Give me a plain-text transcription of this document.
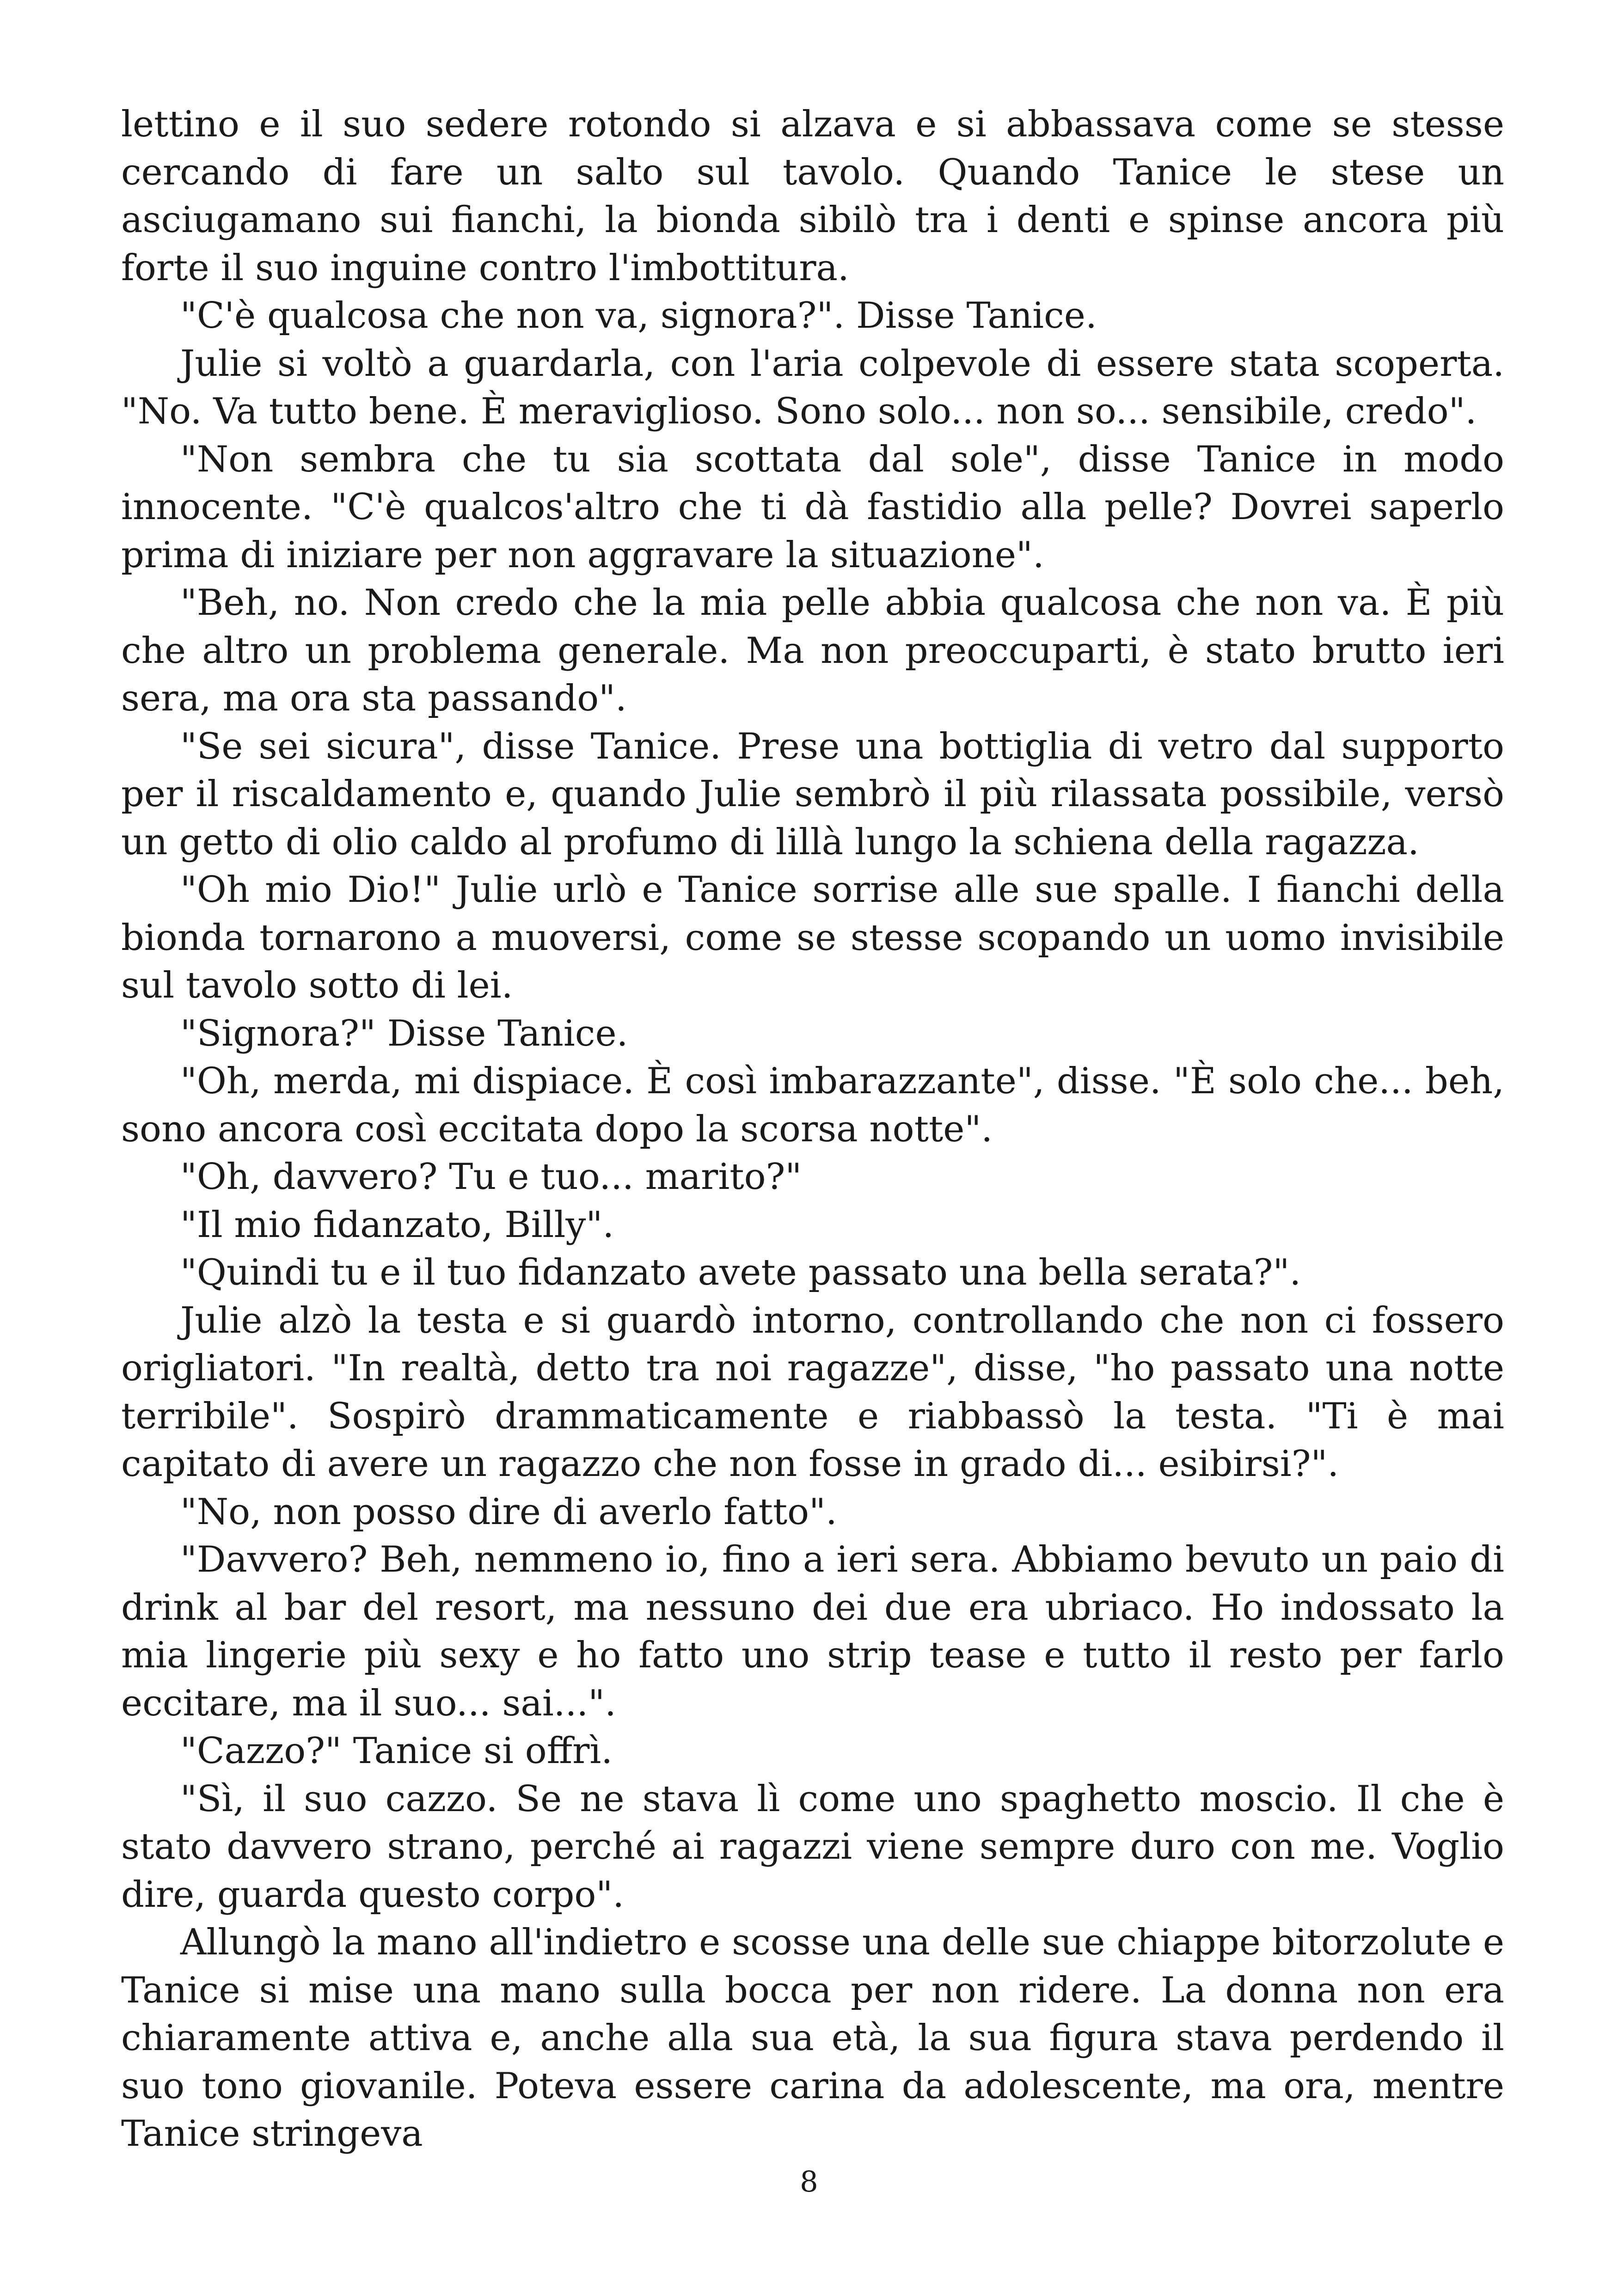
lettino e il suo sedere rotondo si alzava e si abbassava come se stesse cercando di fare un salto sul tavolo. Quando Tanice le stese un asciugamano sui fianchi, la bionda sibilò tra i denti e spinse ancora più forte il suo inguine contro l'imbottitura.

"C'è qualcosa che non va, signora?". Disse Tanice.

Julie si voltò a guardarla, con l'aria colpevole di essere stata scoperta. "No. Va tutto bene. È meraviglioso. Sono solo... non so... sensibile, credo".

"Non sembra che tu sia scottata dal sole", disse Tanice in modo innocente. "C'è qualcos'altro che ti dà fastidio alla pelle? Dovrei saperlo prima di iniziare per non aggravare la situazione".

"Beh, no. Non credo che la mia pelle abbia qualcosa che non va. È più che altro un problema generale. Ma non preoccuparti, è stato brutto ieri sera, ma ora sta passando".

"Se sei sicura", disse Tanice. Prese una bottiglia di vetro dal supporto per il riscaldamento e, quando Julie sembrò il più rilassata possibile, versò un getto di olio caldo al profumo di lillà lungo la schiena della ragazza.

"Oh mio Dio!" Julie urlò e Tanice sorrise alle sue spalle. I fianchi della bionda tornarono a muoversi, come se stesse scopando un uomo invisibile sul tavolo sotto di lei.

"Signora?" Disse Tanice.

"Oh, merda, mi dispiace. È così imbarazzante", disse. "È solo che... beh, sono ancora così eccitata dopo la scorsa notte".

"Oh, davvero? Tu e tuo... marito?"

"Il mio fidanzato, Billy".

"Quindi tu e il tuo fidanzato avete passato una bella serata?".

Julie alzò la testa e si guardò intorno, controllando che non ci fossero origliatori. "In realtà, detto tra noi ragazze", disse, "ho passato una notte terribile". Sospirò drammaticamente e riabbassò la testa. "Ti è mai capitato di avere un ragazzo che non fosse in grado di... esibirsi?".

"No, non posso dire di averlo fatto".

"Davvero? Beh, nemmeno io, fino a ieri sera. Abbiamo bevuto un paio di drink al bar del resort, ma nessuno dei due era ubriaco. Ho indossato la mia lingerie più sexy e ho fatto uno strip tease e tutto il resto per farlo eccitare, ma il suo... sai...".

"Cazzo?" Tanice si offrì.

"Sì, il suo cazzo. Se ne stava lì come uno spaghetto moscio. Il che è stato davvero strano, perché ai ragazzi viene sempre duro con me. Voglio dire, guarda questo corpo".

Allungò la mano all'indietro e scosse una delle sue chiappe bitorzolute e Tanice si mise una mano sulla bocca per non ridere. La donna non era chiaramente attiva e, anche alla sua età, la sua figura stava perdendo il suo tono giovanile. Poteva essere carina da adolescente, ma ora, mentre Tanice stringeva

8
